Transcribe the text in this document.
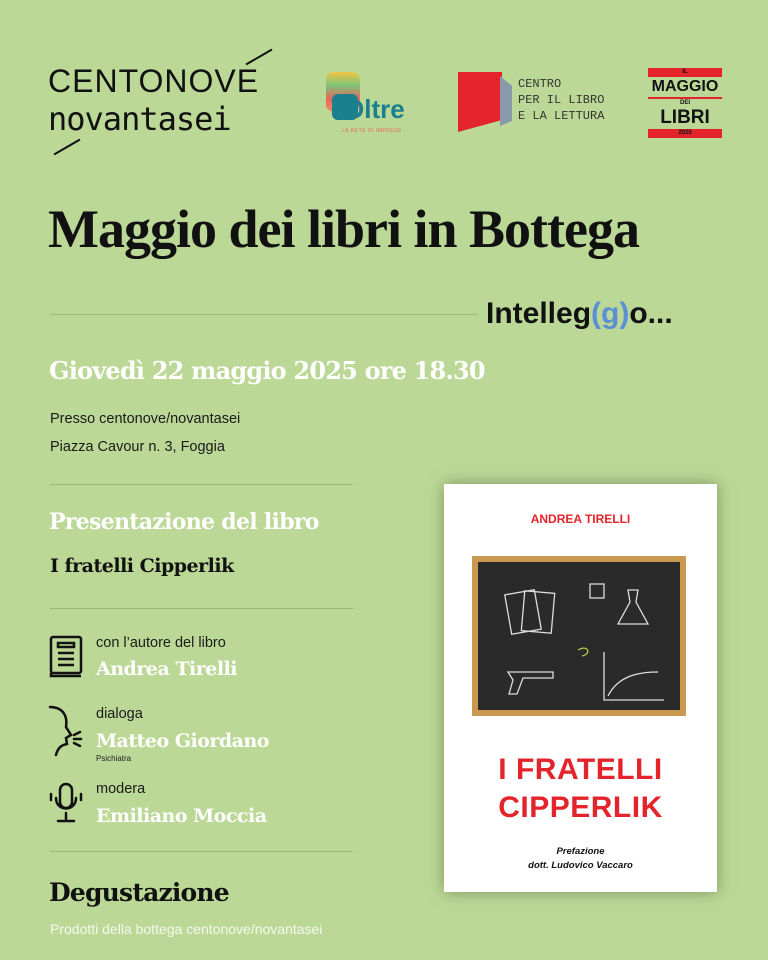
CENTONOVE
novantasei	Oltre
LA RETE DI IMPRESE
CENTRO
PER IL LIBRO
E LA LETTURA
IL
MAGGIO
DEI
LIBRI
2025
Maggio dei libri in Bottega
Intelleg(g)o...
Giovedì 22 maggio 2025 ore 18.30
Presso centonove/novantasei
Piazza Cavour n. 3, Foggia
Presentazione del libro
I fratelli Cipperlik
con l’autore del libro
Andrea Tirelli
dialoga
Matteo Giordano
Psichiatra
modera
Emiliano Moccia
Degustazione
Prodotti della bottega centonove/novantasei
ANDREA TIRELLI
I FRATELLI
CIPPERLIK
Prefazione
dott. Ludovico Vaccaro
